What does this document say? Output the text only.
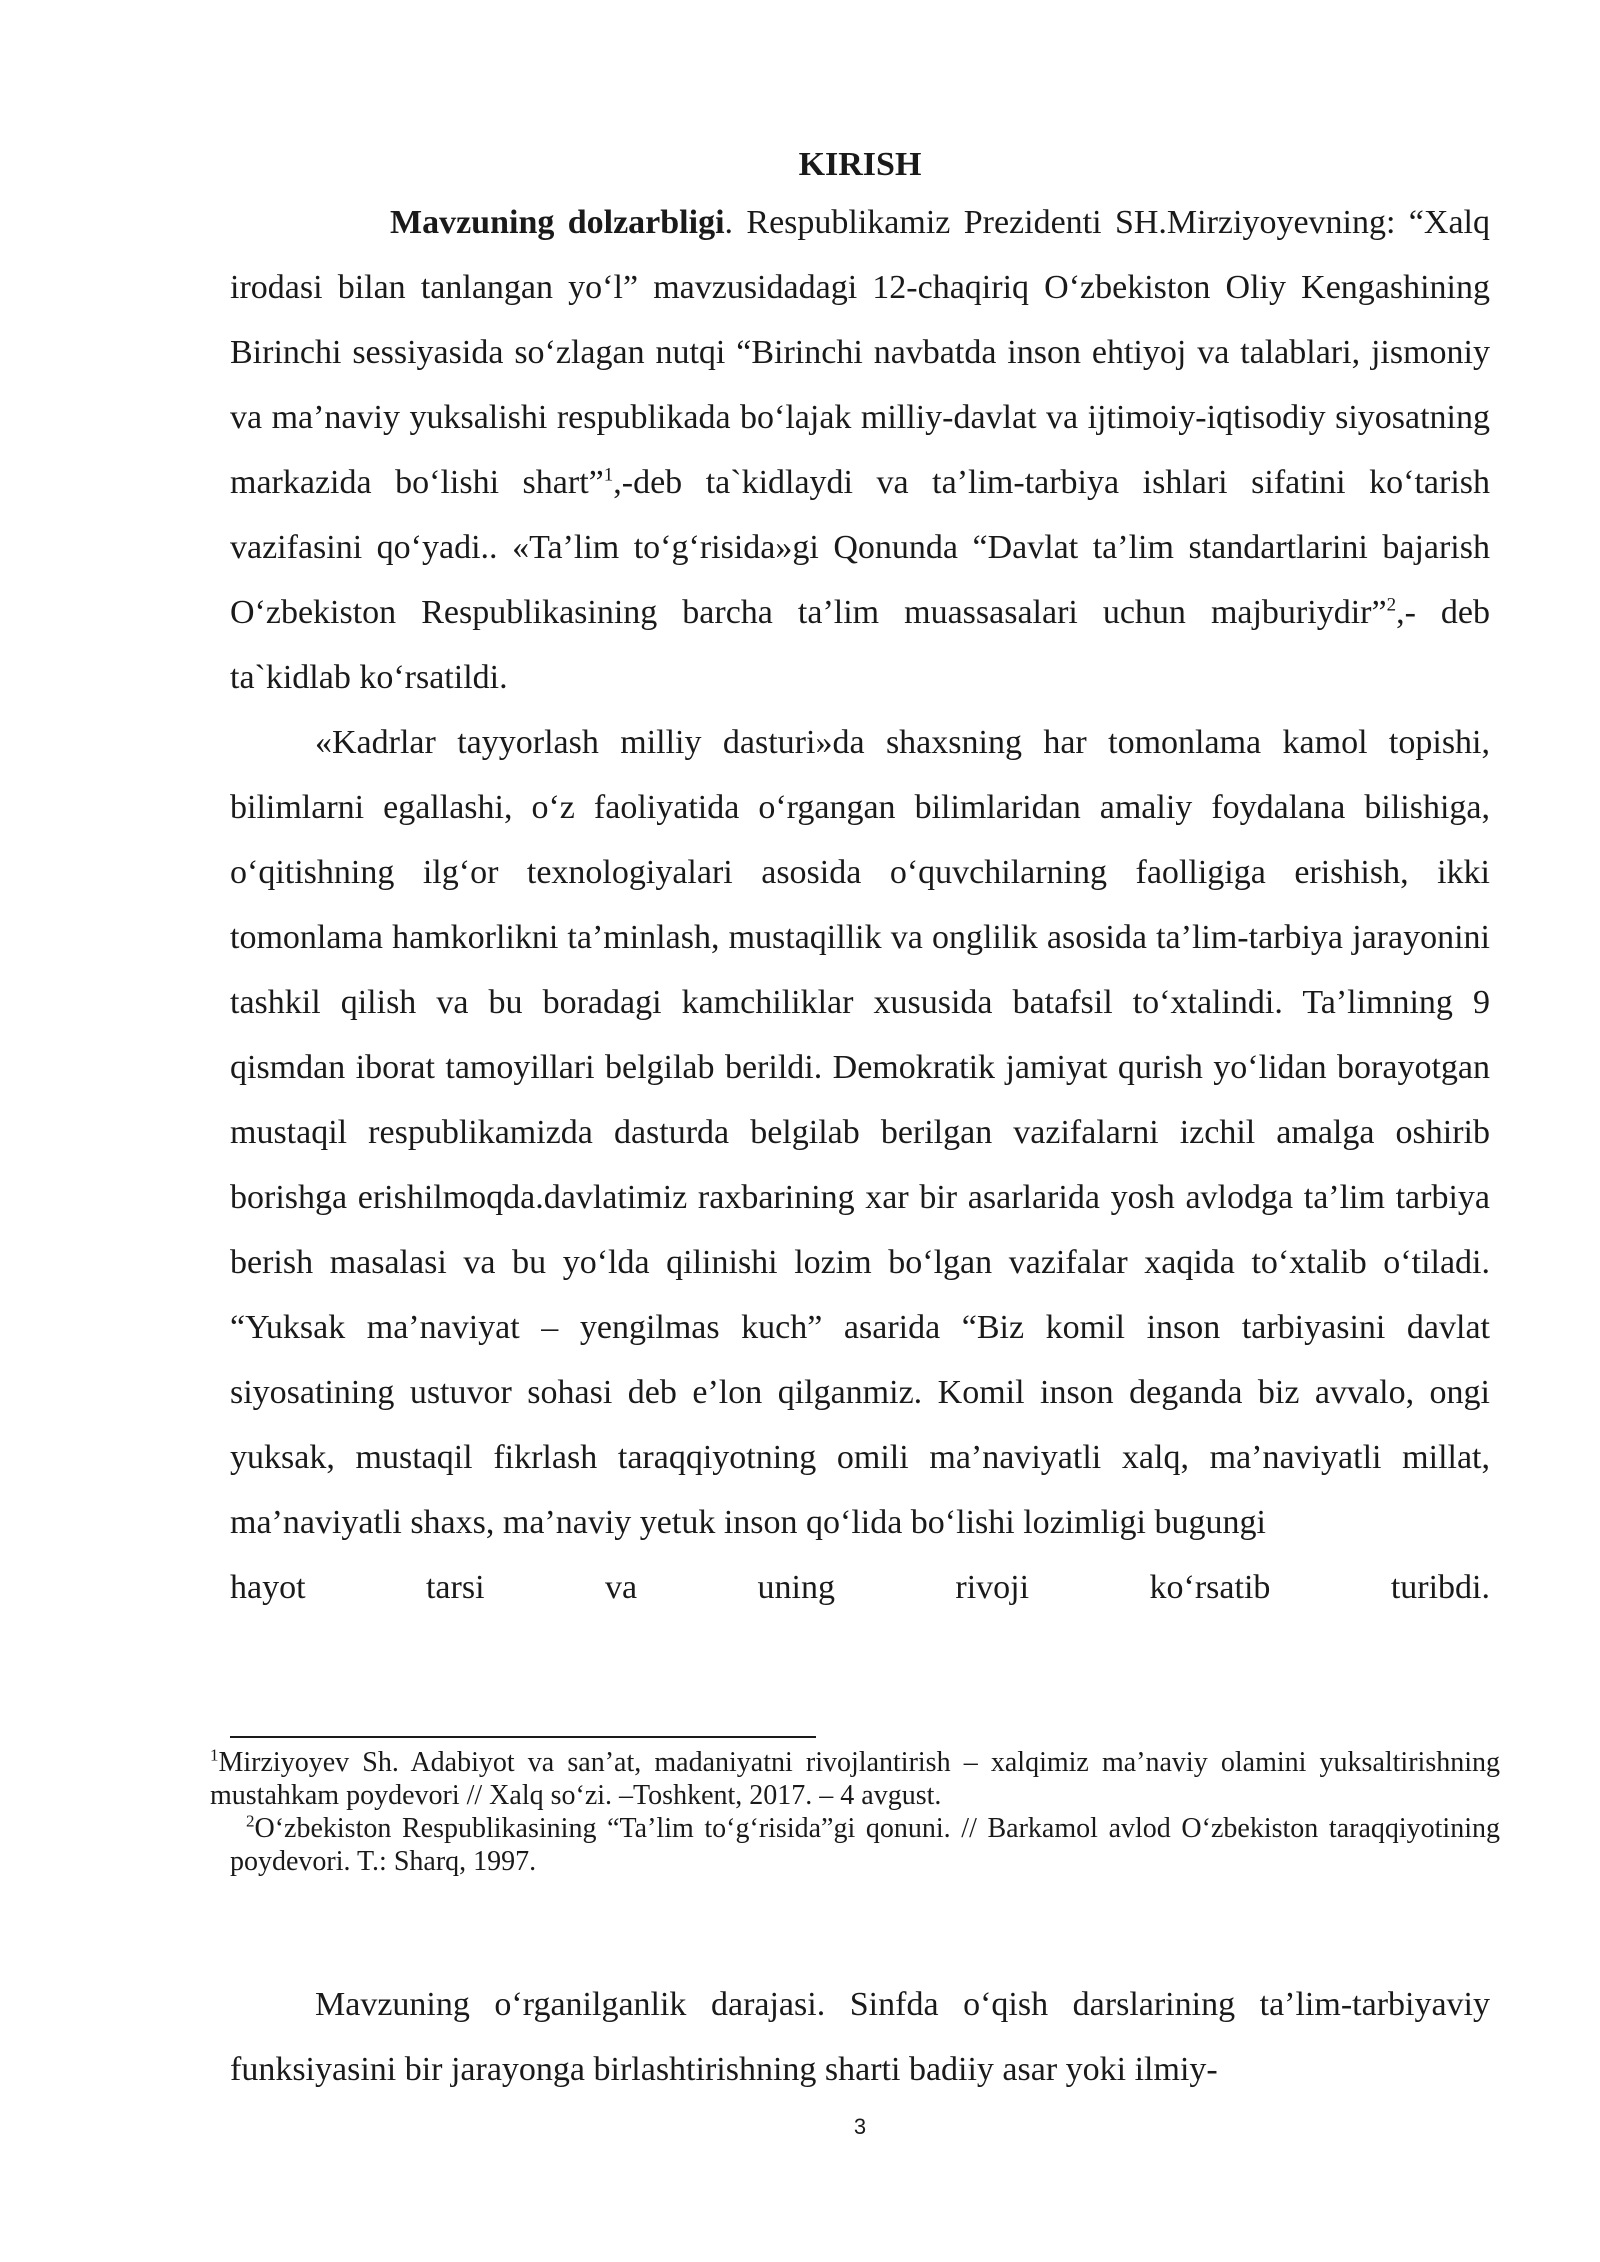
KIRISH

Mavzuning dolzarbligi. Respublikamiz Prezidenti SH.Mirziyoyevning: “Xalq irodasi bilan tanlangan yo‘l” mavzusidadagi 12-chaqiriq O‘zbekiston Oliy Kengashining Birinchi sessiyasida so‘zlagan nutqi “Birinchi navbatda inson ehtiyoj va talablari, jismoniy va ma’naviy yuksalishi respublikada bo‘lajak milliy-davlat va ijtimoiy-iqtisodiy siyosatning markazida bo‘lishi shart”$^1$,-deb ta`kidlaydi va ta’lim-tarbiya ishlari sifatini ko‘tarish vazifasini qo‘yadi.. «Ta’lim to‘g‘risida»gi Qonunda “Davlat ta’lim standartlarini bajarish O‘zbekiston Respublikasining barcha ta’lim muassasalari uchun majburiydir”$^2$,- deb ta`kidlab ko‘rsatildi.

«Kadrlar tayyorlash milliy dasturi»da shaxsning har tomonlama kamol topishi, bilimlarni egallashi, o‘z faoliyatida o‘rgangan bilimlaridan amaliy foydalana bilishiga, o‘qitishning ilg‘or texnologiyalari asosida o‘quvchilarning faolligiga erishish, ikki tomonlama hamkorlikni ta’minlash, mustaqillik va onglilik asosida ta’lim-tarbiya jarayonini tashkil qilish va bu boradagi kamchiliklar xususida batafsil to‘xtalindi. Ta’limning 9 qismdan iborat tamoyillari belgilab berildi. Demokratik jamiyat qurish yo‘lidan borayotgan mustaqil respublikamizda dasturda belgilab berilgan vazifalarni izchil amalga oshirib borishga erishilmoqda.davlatimiz raxbarining xar bir asarlarida yosh avlodga ta’lim tarbiya berish masalasi va bu yo‘lda qilinishi lozim bo‘lgan vazifalar xaqida to‘xtalib o‘tiladi. “Yuksak ma’naviyat – yengilmas kuch” asarida “Biz komil inson tarbiyasini davlat siyosatining ustuvor sohasi deb e’lon qilganmiz. Komil inson deganda biz avvalo, ongi yuksak, mustaqil fikrlash taraqqiyotning omili ma’naviyatli xalq, ma’naviyatli millat, ma’naviyatli shaxs, ma’naviy yetuk inson qo‘lida bo‘lishi lozimligi bugungi

hayot tarsi va uning rivoji ko‘rsatib turibdi.

$^1$Mirziyoyev Sh. Adabiyot va san’at, madaniyatni rivojlantirish – xalqimiz ma’naviy olamini yuksaltirishning mustahkam poydevori // Xalq so‘zi. –Toshkent, 2017. – 4 avgust.

$^2$O‘zbekiston Respublikasining “Ta’lim to‘g‘risida”gi qonuni. // Barkamol avlod O‘zbekiston taraqqiyotining poydevori. T.: Sharq, 1997.

Mavzuning o‘rganilganlik darajasi. Sinfda o‘qish darslarining ta’lim-tarbiyaviy funksiyasini bir jarayonga birlashtirishning sharti badiiy asar yoki ilmiy-

3
